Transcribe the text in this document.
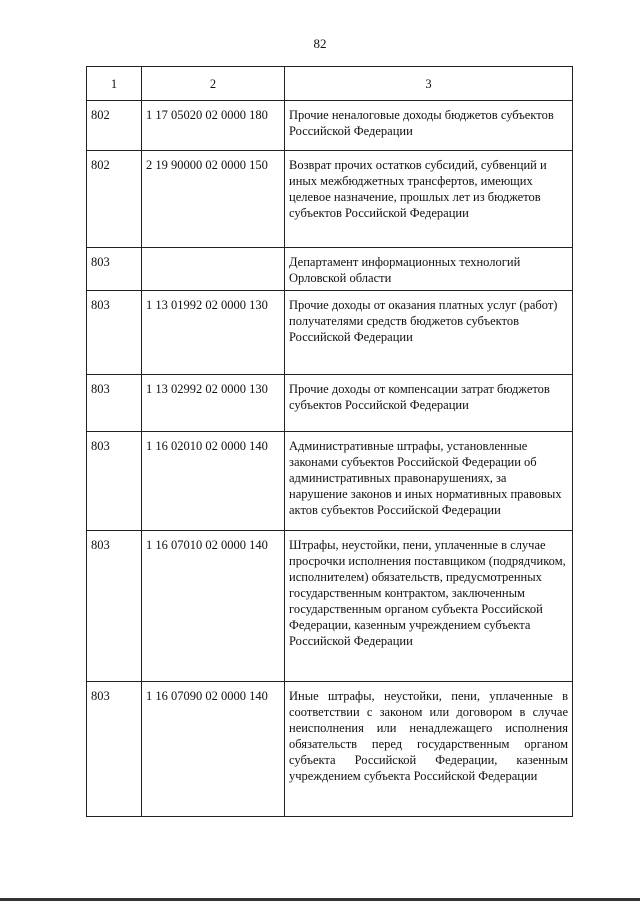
82
1	2	3
802	1 17 05020 02 0000 180	Прочие неналоговые доходы бюджетов субъектов Российской Федерации
802	2 19 90000 02 0000 150	Возврат прочих остатков субсидий, субвенций и иных межбюджетных трансфертов, имеющих целевое назначение, прошлых лет из бюджетов субъектов Российской Федерации
803		Департамент информационных технологий Орловской области
803	1 13 01992 02 0000 130	Прочие доходы от оказания платных услуг (работ) получателями средств бюджетов субъектов Российской Федерации
803	1 13 02992 02 0000 130	Прочие доходы от компенсации затрат бюджетов субъектов Российской Федерации
803	1 16 02010 02 0000 140	Административные штрафы, установленные законами субъектов Российской Федерации об административных правонарушениях, за нарушение законов и иных нормативных правовых актов субъектов Российской Федерации
803	1 16 07010 02 0000 140	Штрафы, неустойки, пени, уплаченные в случае просрочки исполнения поставщиком (подрядчиком, исполнителем) обязательств, предусмотренных государственным контрактом, заключенным государственным органом субъекта Российской Федерации, казенным учреждением субъекта Российской Федерации
803	1 16 07090 02 0000 140	Иные штрафы, неустойки, пени, уплаченные в соответствии с законом или договором в случае неисполнения или ненадлежащего исполнения обязательств перед государственным органом субъекта Российской Федерации, казенным учреждением субъекта Российской Федерации
